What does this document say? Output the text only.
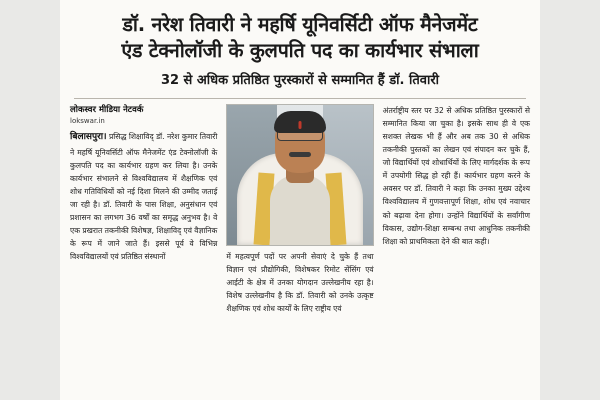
डॉ. नरेश तिवारी ने महर्षि यूनिवर्सिटी ऑफ मैनेजमेंट
एंड टेक्नोलॉजी के कुलपति पद का कार्यभार संभाला
32 से अधिक प्रतिष्ठित पुरस्कारों से सम्मानित हैं डॉ. तिवारी
लोकस्वर मीडिया नेटवर्क
lokswar.in

बिलासपुरा। प्रसिद्ध शिक्षाविद् डॉ. नरेश कुमार तिवारी ने महर्षि यूनिवर्सिटी ऑफ मैनेजमेंट एंड टेक्नोलॉजी के कुलपति पद का कार्यभार ग्रहण कर लिया है। उनके कार्यभार संभालने से विश्वविद्यालय में शैक्षणिक एवं शोध गतिविधियों को नई दिशा मिलने की उम्मीद जताई जा रही है। डॉ. तिवारी के पास शिक्षा, अनुसंधान एवं प्रशासन का लगभग 36 वर्षों का समृद्ध अनुभव है। वे एक प्रखरात तकनीकी विशेषज्ञ, शिक्षाविद् एवं वैज्ञानिक के रूप में जाने जाते हैं। इससे पूर्व वे विभिन्न विश्वविद्यालयों एवं प्रतिष्ठित संस्थानों	में महत्वपूर्ण पदों पर अपनी सेवाएं दे चुके हैं तथा विज्ञान एवं प्रौद्योगिकी, विशेषकर रिमोट सेंसिंग एवं आईटी के क्षेत्र में उनका योगदान उल्लेखनीय रहा है। विशेष उल्लेखनीय है कि डॉ. तिवारी को उनके उत्कृष्ट शैक्षणिक एवं शोध कार्यों के लिए राष्ट्रीय एवं

अंतर्राष्ट्रीय स्तर पर 32 से अधिक प्रतिष्ठित पुरस्कारों से सम्मानित किया जा चुका है। इसके साथ ही वे एक सशक्त लेखक भी हैं और अब तक 30 से अधिक तकनीकी पुस्तकों का लेखन एवं संपादन कर चुके हैं, जो विद्यार्थियों एवं शोधार्थियों के लिए मार्गदर्शक के रूप में उपयोगी सिद्ध हो रही हैं। कार्यभार ग्रहण करने के अवसर पर डॉ. तिवारी ने कहा कि उनका मुख्य उद्देश्य विश्वविद्यालय में गुणवत्तापूर्ण शिक्षा, शोध एवं नवाचार को बढ़ावा देना होगा। उन्होंने विद्यार्थियों के सर्वांगीण विकास, उद्योग-शिक्षा सम्बन्ध तथा आधुनिक तकनीकी शिक्षा को प्राथमिकता देने की बात कही।
